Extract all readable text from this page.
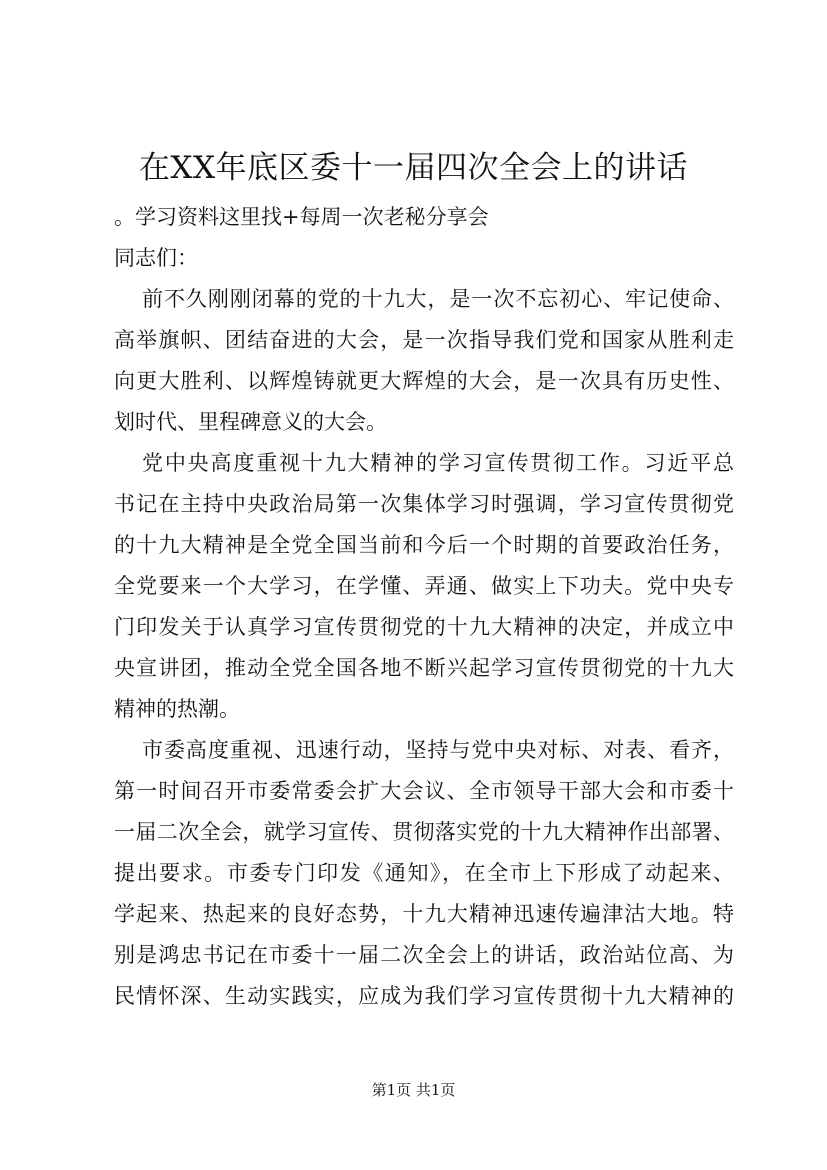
在XX年底区委十一届四次全会上的讲话
。学习资料这里找+每周一次老秘分享会
同志们：
前不久刚刚闭幕的党的十九大，是一次不忘初心、牢记使命、
高举旗帜、团结奋进的大会，是一次指导我们党和国家从胜利走
向更大胜利、以辉煌铸就更大辉煌的大会，是一次具有历史性、
划时代、里程碑意义的大会。
党中央高度重视十九大精神的学习宣传贯彻工作。习近平总
书记在主持中央政治局第一次集体学习时强调，学习宣传贯彻党
的十九大精神是全党全国当前和今后一个时期的首要政治任务，
全党要来一个大学习，在学懂、弄通、做实上下功夫。党中央专
门印发关于认真学习宣传贯彻党的十九大精神的决定，并成立中
央宣讲团，推动全党全国各地不断兴起学习宣传贯彻党的十九大
精神的热潮。
市委高度重视、迅速行动，坚持与党中央对标、对表、看齐，
第一时间召开市委常委会扩大会议、全市领导干部大会和市委十
一届二次全会，就学习宣传、贯彻落实党的十九大精神作出部署、
提出要求。市委专门印发《通知》，在全市上下形成了动起来、
学起来、热起来的良好态势，十九大精神迅速传遍津沽大地。特
别是鸿忠书记在市委十一届二次全会上的讲话，政治站位高、为
民情怀深、生动实践实，应成为我们学习宣传贯彻十九大精神的
第1页 共1页
